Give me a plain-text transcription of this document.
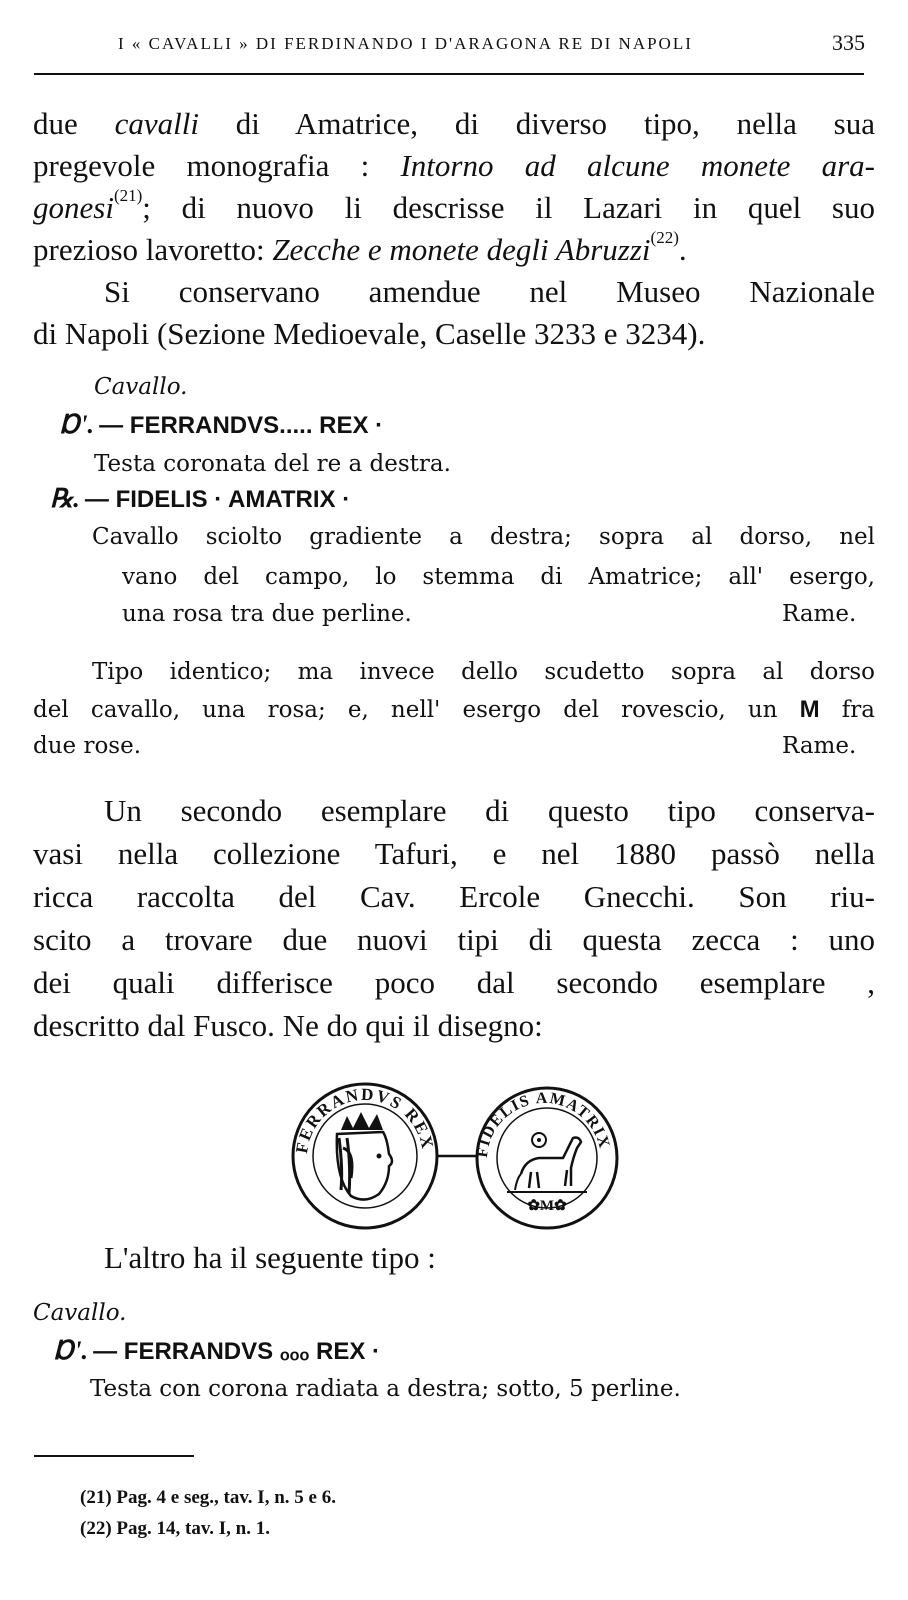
I « CAVALLI » DI FERDINANDO I D'ARAGONA RE DI NAPOLI	335
due cavalli di Amatrice, di diverso tipo, nella sua
pregevole monografia : Intorno ad alcune monete ara-
gonesi$^{(21)}$; di nuovo li descrisse il Lazari in quel suo
prezioso lavoretto: Zecche e monete degli Abruzzi$^{(22)}$.
Si conservano amendue nel Museo Nazionale
di Napoli (Sezione Medioevale, Caselle 3233 e 3234).
Cavallo.
Ɒ'. — FERRANDVS..... REX ·
Testa coronata del re a destra.
℞. — FIDELIS · AMATRIX ·
Cavallo sciolto gradiente a destra; sopra al dorso, nel
vano del campo, lo stemma di Amatrice; all' esergo,
una rosa tra due perline.	Rame.
Tipo identico; ma invece dello scudetto sopra al dorso
del cavallo, una rosa; e, nell' esergo del rovescio, un M fra
due rose.	Rame.
Un secondo esemplare di questo tipo conserva-
vasi nella collezione Tafuri, e nel 1880 passò nella
ricca raccolta del Cav. Ercole Gnecchi. Son riu-
scito a trovare due nuovi tipi di questa zecca : uno
dei quali differisce poco dal secondo esemplare ,
descritto dal Fusco. Ne do qui il disegno:
FERRANDVS REX FIDELIS AMATRIX
✿M✿
L'altro ha il seguente tipo :
Cavallo.
Ɒ'. — FERRANDVS ₒₒₒ REX ·
Testa con corona radiata a destra; sotto, 5 perline.
(21) Pag. 4 e seg., tav. I, n. 5 e 6.
(22) Pag. 14, tav. I, n. 1.
